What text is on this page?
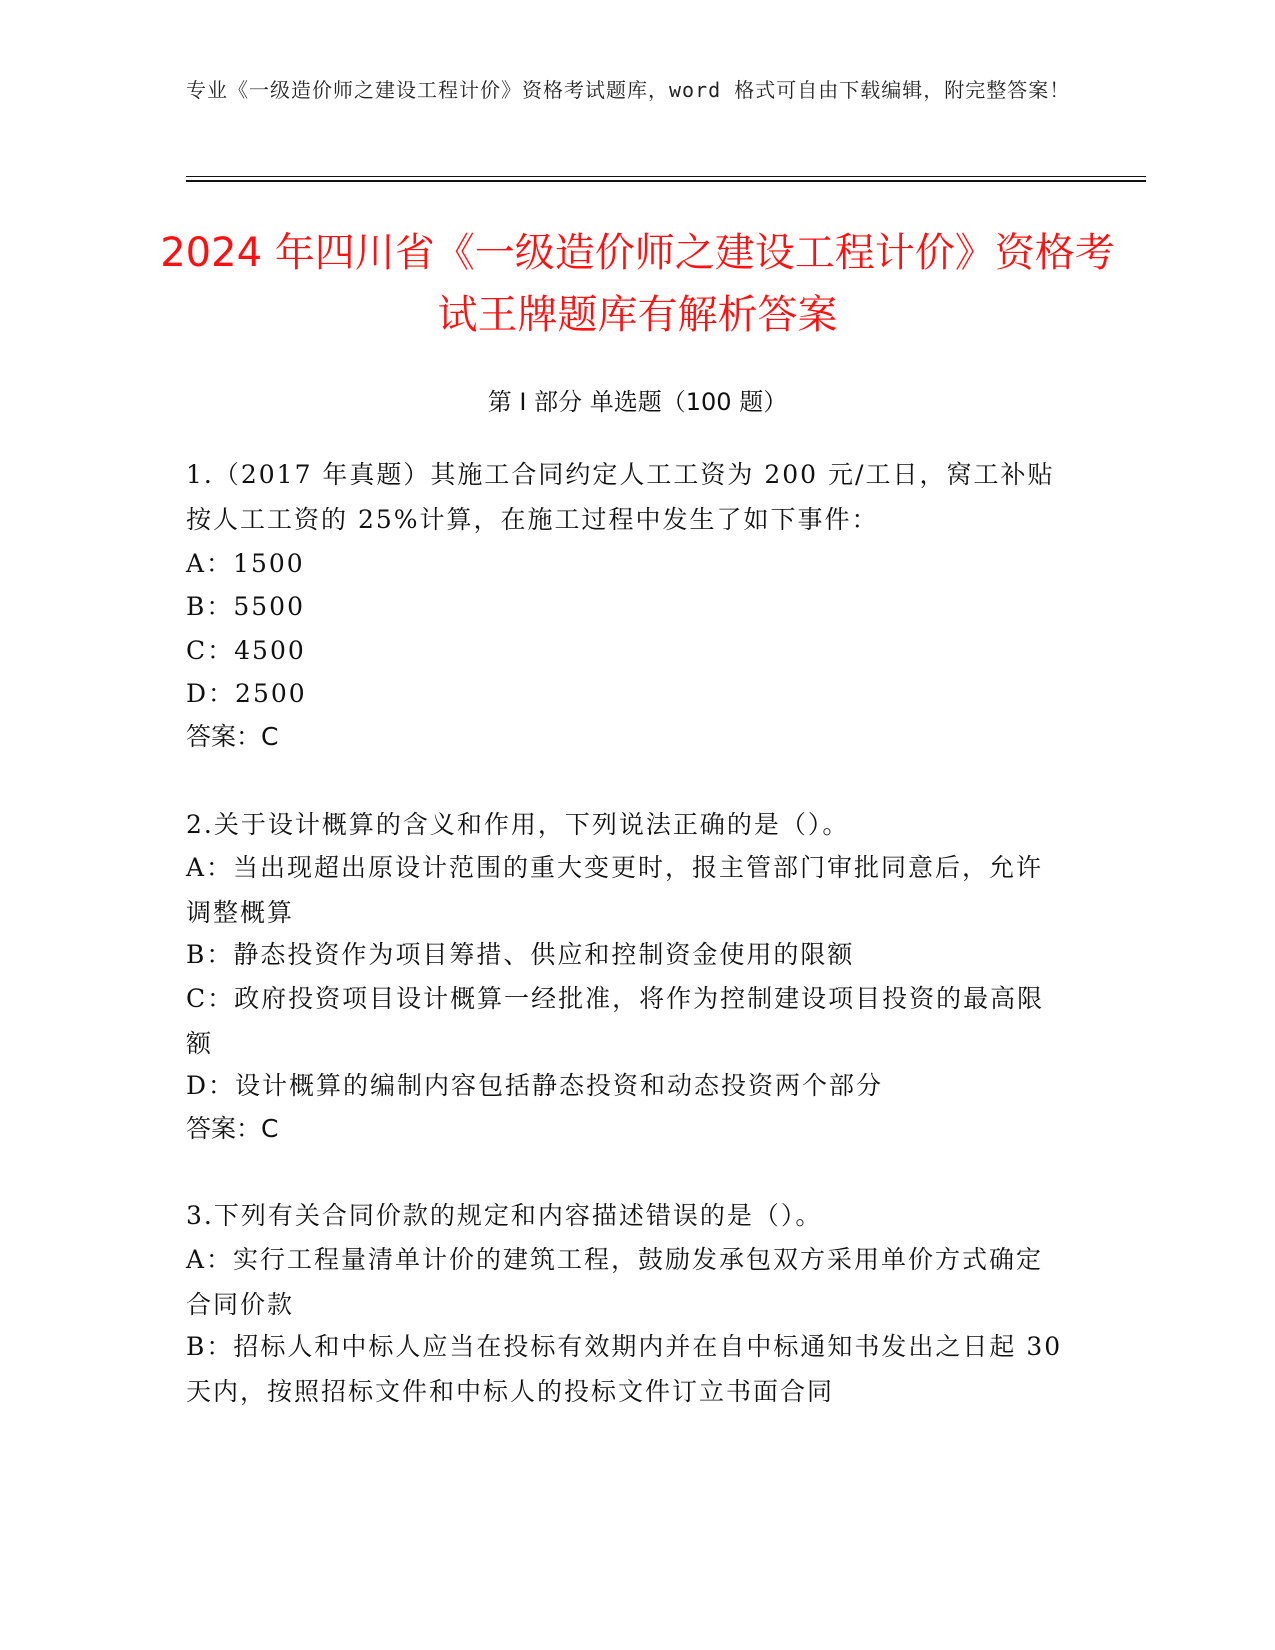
专业《一级造价师之建设工程计价》资格考试题库，word 格式可自由下载编辑，附完整答案！
2024 年四川省《一级造价师之建设工程计价》资格考试王牌题库有解析答案
第 I 部分 单选题（100 题）
1.（2017 年真题）其施工合同约定人工工资为 200 元/工日，窝工补贴按人工工资的 25%计算，在施工过程中发生了如下事件：
A：1500
B：5500
C：4500
D：2500
答案：C
2.关于设计概算的含义和作用，下列说法正确的是（）。
A：当出现超出原设计范围的重大变更时，报主管部门审批同意后，允许调整概算
B：静态投资作为项目筹措、供应和控制资金使用的限额
C：政府投资项目设计概算一经批准，将作为控制建设项目投资的最高限额
D：设计概算的编制内容包括静态投资和动态投资两个部分
答案：C
3.下列有关合同价款的规定和内容描述错误的是（）。
A：实行工程量清单计价的建筑工程，鼓励发承包双方采用单价方式确定合同价款
B：招标人和中标人应当在投标有效期内并在自中标通知书发出之日起 30 天内，按照招标文件和中标人的投标文件订立书面合同
